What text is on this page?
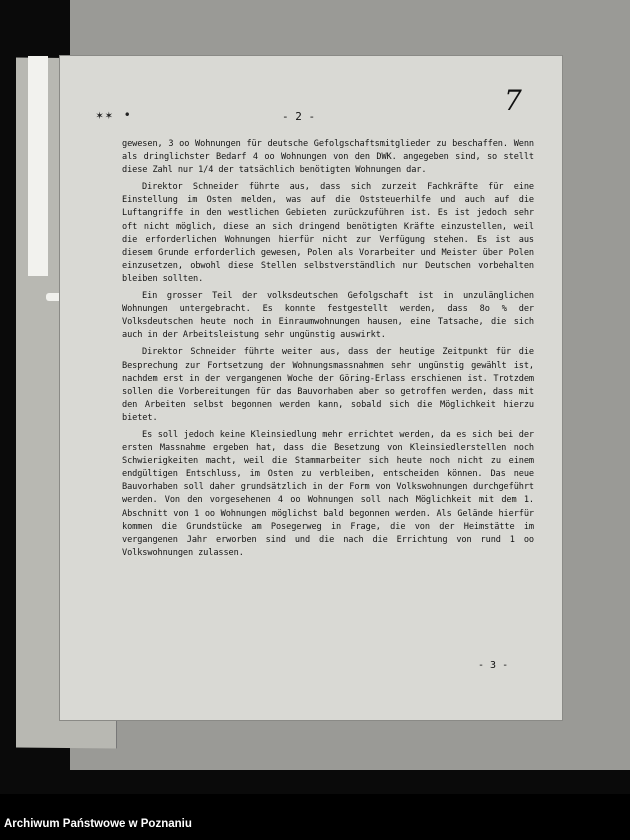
✶✶ •	- 2 -	7

gewesen, 3 oo Wohnungen für deutsche Gefolgschaftsmitglieder zu beschaffen. Wenn als dringlichster Bedarf 4 oo Wohnungen von den DWK. angegeben sind, so stellt diese Zahl nur 1/4 der tatsächlich benötigten Wohnungen dar.

Direktor Schneider führte aus, dass sich zurzeit Fachkräfte für eine Einstellung im Osten melden, was auf die Oststeuerhilfe und auch auf die Luftangriffe in den westlichen Gebieten zurückzuführen ist. Es ist jedoch sehr oft nicht möglich, diese an sich dringend benötigten Kräfte einzustellen, weil die erforderlichen Wohnungen hierfür nicht zur Verfügung stehen. Es ist aus diesem Grunde erforderlich gewesen, Polen als Vorarbeiter und Meister über Polen einzusetzen, obwohl diese Stellen selbstverständlich nur Deutschen vorbehalten bleiben sollten.

Ein grosser Teil der volksdeutschen Gefolgschaft ist in unzulänglichen Wohnungen untergebracht. Es konnte festgestellt werden, dass 8o % der Volksdeutschen heute noch in Einraumwohnungen hausen, eine Tatsache, die sich auch in der Arbeitsleistung sehr ungünstig auswirkt.

Direktor Schneider führte weiter aus, dass der heutige Zeitpunkt für die Besprechung zur Fortsetzung der Wohnungsmassnahmen sehr ungünstig gewählt ist, nachdem erst in der vergangenen Woche der Göring-Erlass erschienen ist. Trotzdem sollen die Vorbereitungen für das Bauvorhaben aber so getroffen werden, dass mit den Arbeiten selbst begonnen werden kann, sobald sich die Möglichkeit hierzu bietet.

Es soll jedoch keine Kleinsiedlung mehr errichtet werden, da es sich bei der ersten Massnahme ergeben hat, dass die Besetzung von Kleinsiedlerstellen noch Schwierigkeiten macht, weil die Stammarbeiter sich heute noch nicht zu einem endgültigen Entschluss, im Osten zu verbleiben, entscheiden können. Das neue Bauvorhaben soll daher grundsätzlich in der Form von Volkswohnungen durchgeführt werden. Von den vorgesehenen 4 oo Wohnungen soll nach Möglichkeit mit dem 1. Abschnitt von 1 oo Wohnungen möglichst bald begonnen werden. Als Gelände hierfür kommen die Grundstücke am Posegerweg in Frage, die von der Heimstätte im vergangenen Jahr erworben sind und die nach die Errichtung von rund 1 oo Volkswohnungen zulassen.

- 3 -
Archiwum Państwowe w Poznaniu
